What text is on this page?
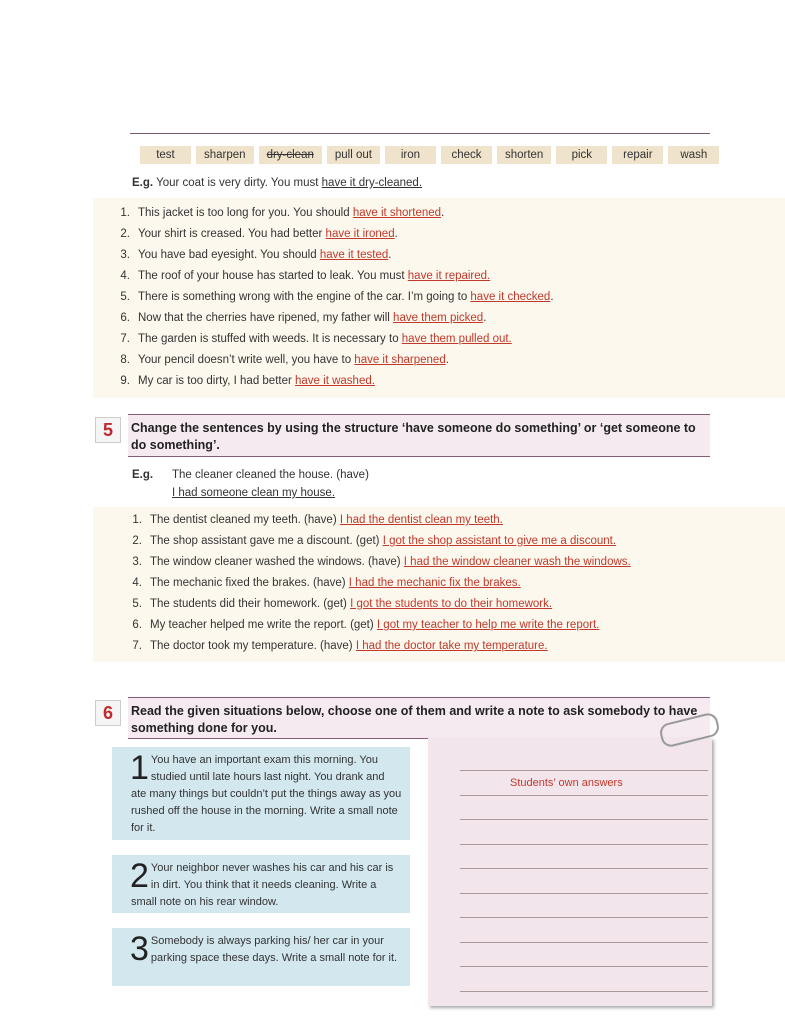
test	sharpen	dry-clean	pull out	iron	check	shorten	pick	repair	wash
E.g. Your coat is very dirty. You must have it dry-cleaned.
1. This jacket is too long for you. You should have it shortened.
2. Your shirt is creased. You had better have it ironed.
3. You have bad eyesight. You should have it tested.
4. The roof of your house has started to leak. You must have it repaired.
5. There is something wrong with the engine of the car. I’m going to have it checked.
6. Now that the cherries have ripened, my father will have them picked.
7. The garden is stuffed with weeds. It is necessary to have them pulled out.
8. Your pencil doesn’t write well, you have to have it sharpened.
9. My car is too dirty, I had better have it washed.
5	Change the sentences by using the structure ‘have someone do something’ or ‘get someone to do something’.
E.g. The cleaner cleaned the house. (have)
I had someone clean my house.
1. The dentist cleaned my teeth. (have) I had the dentist clean my teeth.
2. The shop assistant gave me a discount. (get) I got the shop assistant to give me a discount.
3. The window cleaner washed the windows. (have) I had the window cleaner wash the windows.
4. The mechanic fixed the brakes. (have) I had the mechanic fix the brakes.
5. The students did their homework. (get) I got the students to do their homework.
6. My teacher helped me write the report. (get) I got my teacher to help me write the report.
7. The doctor took my temperature. (have) I had the doctor take my temperature.
6	Read the given situations below, choose one of them and write a note to ask somebody to have something done for you.
1 You have an important exam this morning. You studied until late hours last night. You drank and ate many things but couldn’t put the things away as you rushed off the house in the morning. Write a small note for it.
2 Your neighbor never washes his car and his car is in dirt. You think that it needs cleaning. Write a small note on his rear window.
3 Somebody is always parking his/ her car in your parking space these days. Write a small note for it.
Students’ own answers
